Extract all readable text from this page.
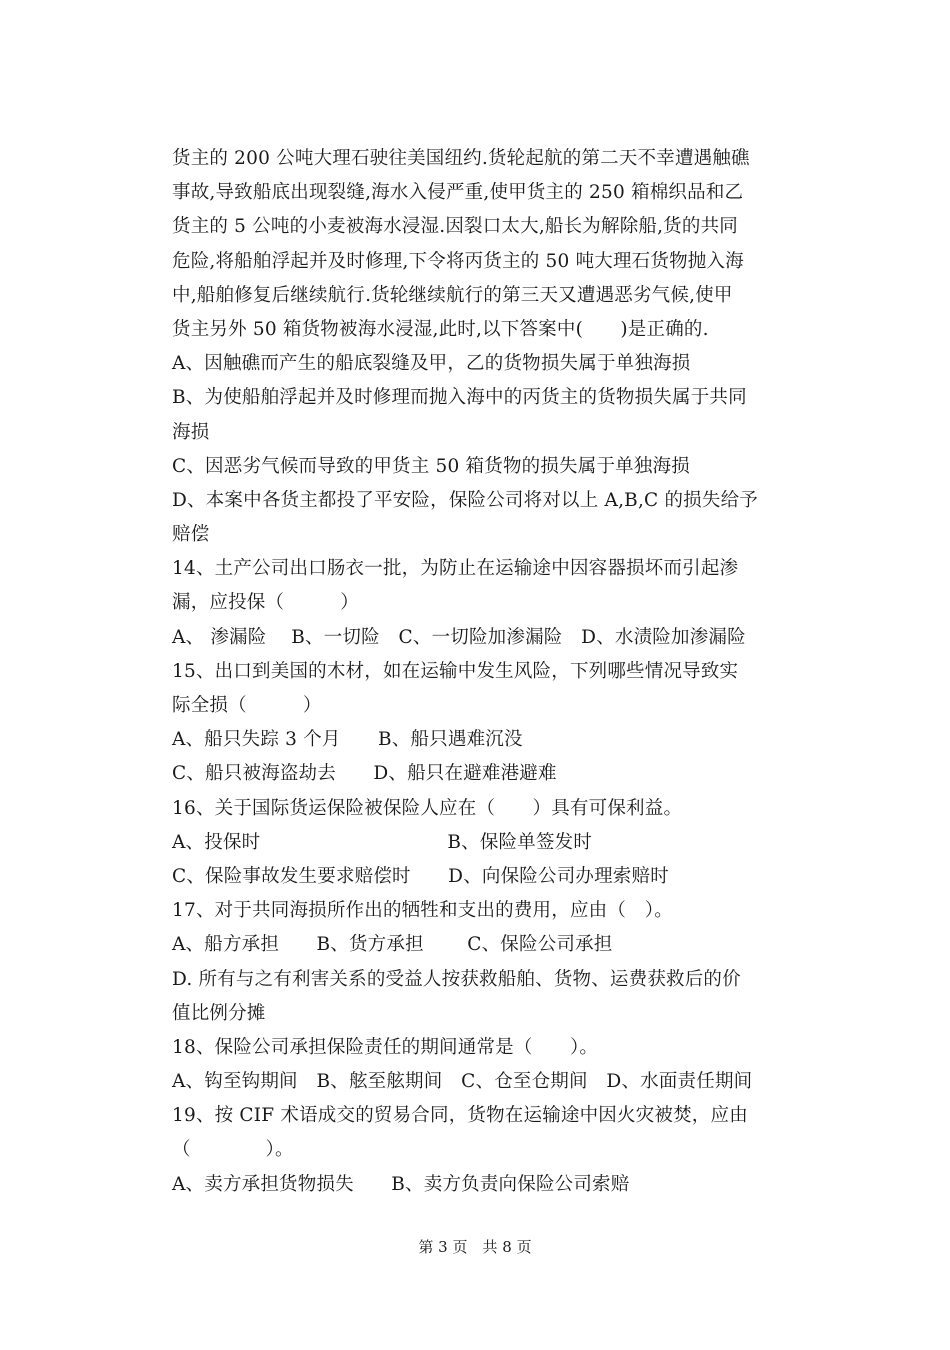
货主的 200 公吨大理石驶往美国纽约.货轮起航的第二天不幸遭遇触礁
事故,导致船底出现裂缝,海水入侵严重,使甲货主的 250 箱棉织品和乙
货主的 5 公吨的小麦被海水浸湿.因裂口太大,船长为解除船,货的共同
危险,将船舶浮起并及时修理,下令将丙货主的 50 吨大理石货物抛入海
中,船舶修复后继续航行.货轮继续航行的第三天又遭遇恶劣气候,使甲
货主另外 50 箱货物被海水浸湿,此时,以下答案中(　　)是正确的.
A、因触礁而产生的船底裂缝及甲，乙的货物损失属于单独海损
B、为使船舶浮起并及时修理而抛入海中的丙货主的货物损失属于共同
海损
C、因恶劣气候而导致的甲货主 50 箱货物的损失属于单独海损
D、本案中各货主都投了平安险，保险公司将对以上 A,B,C 的损失给予
赔偿
14、土产公司出口肠衣一批，为防止在运输途中因容器损坏而引起渗
漏，应投保（　　　）
A、 渗漏险　 B、一切险　C、一切险加渗漏险　D、水渍险加渗漏险
15、出口到美国的木材，如在运输中发生风险，下列哪些情况导致实
际全损（　　　）
A、船只失踪 3 个月　　B、船只遇难沉没
C、船只被海盗劫去　　D、船只在避难港避难
16、关于国际货运保险被保险人应在（　　）具有可保利益。
A、投保时　　　　　　　　　　B、保险单签发时
C、保险事故发生要求赔偿时　　D、向保险公司办理索赔时
17、对于共同海损所作出的牺牲和支出的费用，应由（　）。
A、船方承担　　B、货方承担　　 C、保险公司承担
D. 所有与之有利害关系的受益人按获救船舶、货物、运费获救后的价
值比例分摊
18、保险公司承担保险责任的期间通常是（　　）。
A、钩至钩期间　B、舷至舷期间　C、仓至仓期间　D、水面责任期间
19、按 CIF 术语成交的贸易合同，货物在运输途中因火灾被焚，应由
（　　　　）。
A、卖方承担货物损失　　B、卖方负责向保险公司索赔
第 3 页　共 8 页
